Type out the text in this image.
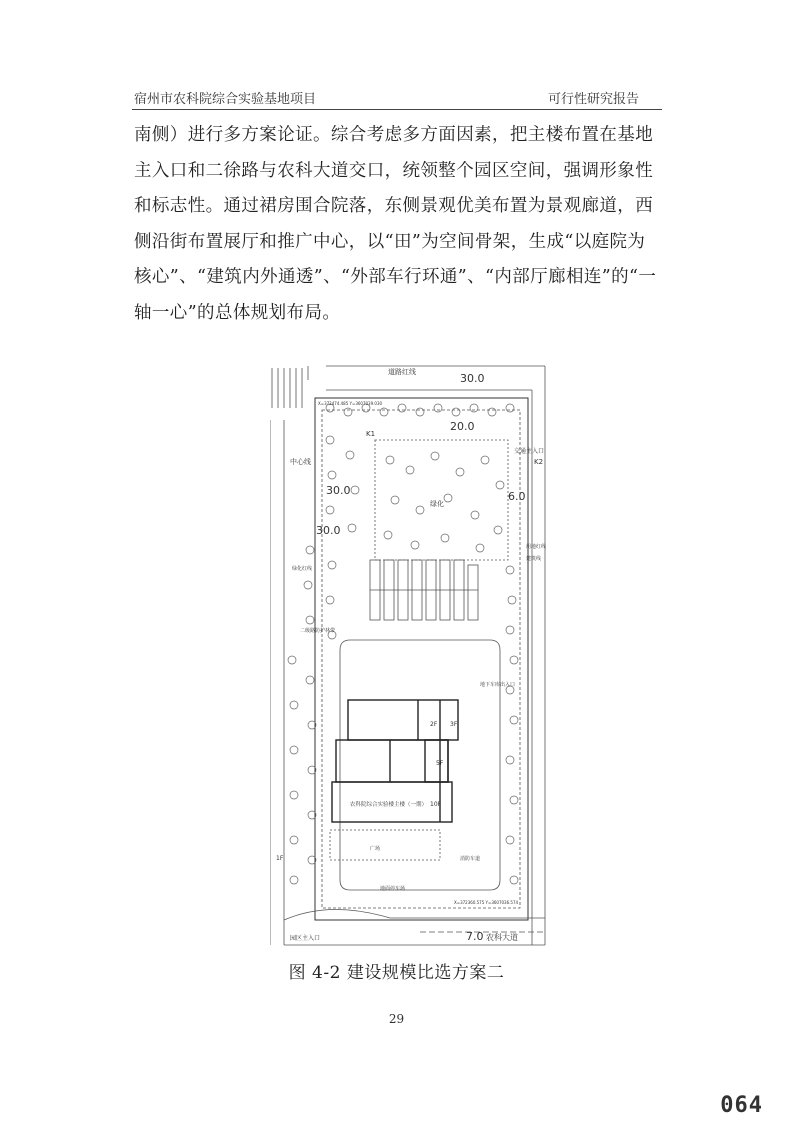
宿州市农科院综合实验基地项目	可行性研究报告

南侧）进行多方案论证。综合考虑多方面因素，把主楼布置在基地主入口和二徐路与农科大道交口，统领整个园区空间，强调形象性和标志性。通过裙房围合院落，东侧景观优美布置为景观廊道，西侧沿街布置展厅和推广中心，以“田”为空间骨架，生成“以庭院为核心”、“建筑内外通透”、“外部车行环通”、“内部厅廊相连”的“一轴一心”的总体规划布局。

道路红线	30.0
X=372474.485 Y=3607039.030
20.0
K1
交通主入口
K2
中心线
30.0	6.0
绿化
30.0
绿化红线
用地红线
建筑线
二级路防护林带
地下车库出入口
2F 3F
5F
10F
农科院综合实验楼主楼（一期）
广场
消防车道
地面停车场
X=372360.575 Y=3607036.574
园区主入口	农科大道
7.0
1F
图 4-2 建设规模比选方案二
29
064
